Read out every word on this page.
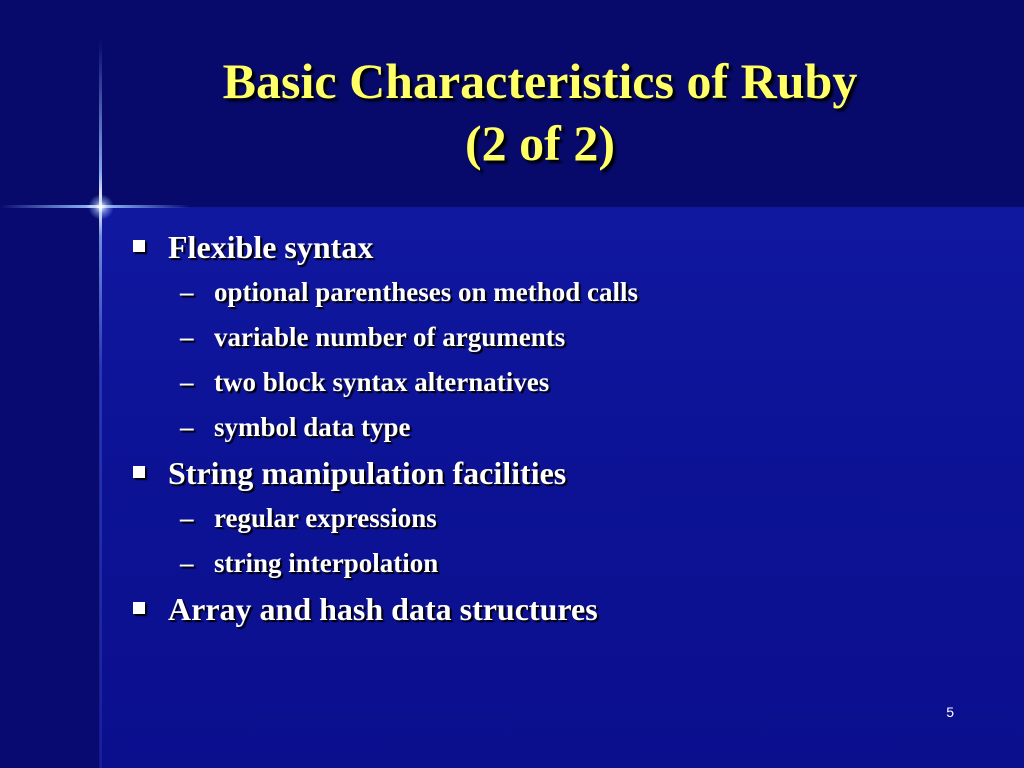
Basic Characteristics of Ruby
(2 of 2)
Flexible syntax
– optional parentheses on method calls
– variable number of arguments
– two block syntax alternatives
– symbol data type
String manipulation facilities
– regular expressions
– string interpolation
Array and hash data structures
5
